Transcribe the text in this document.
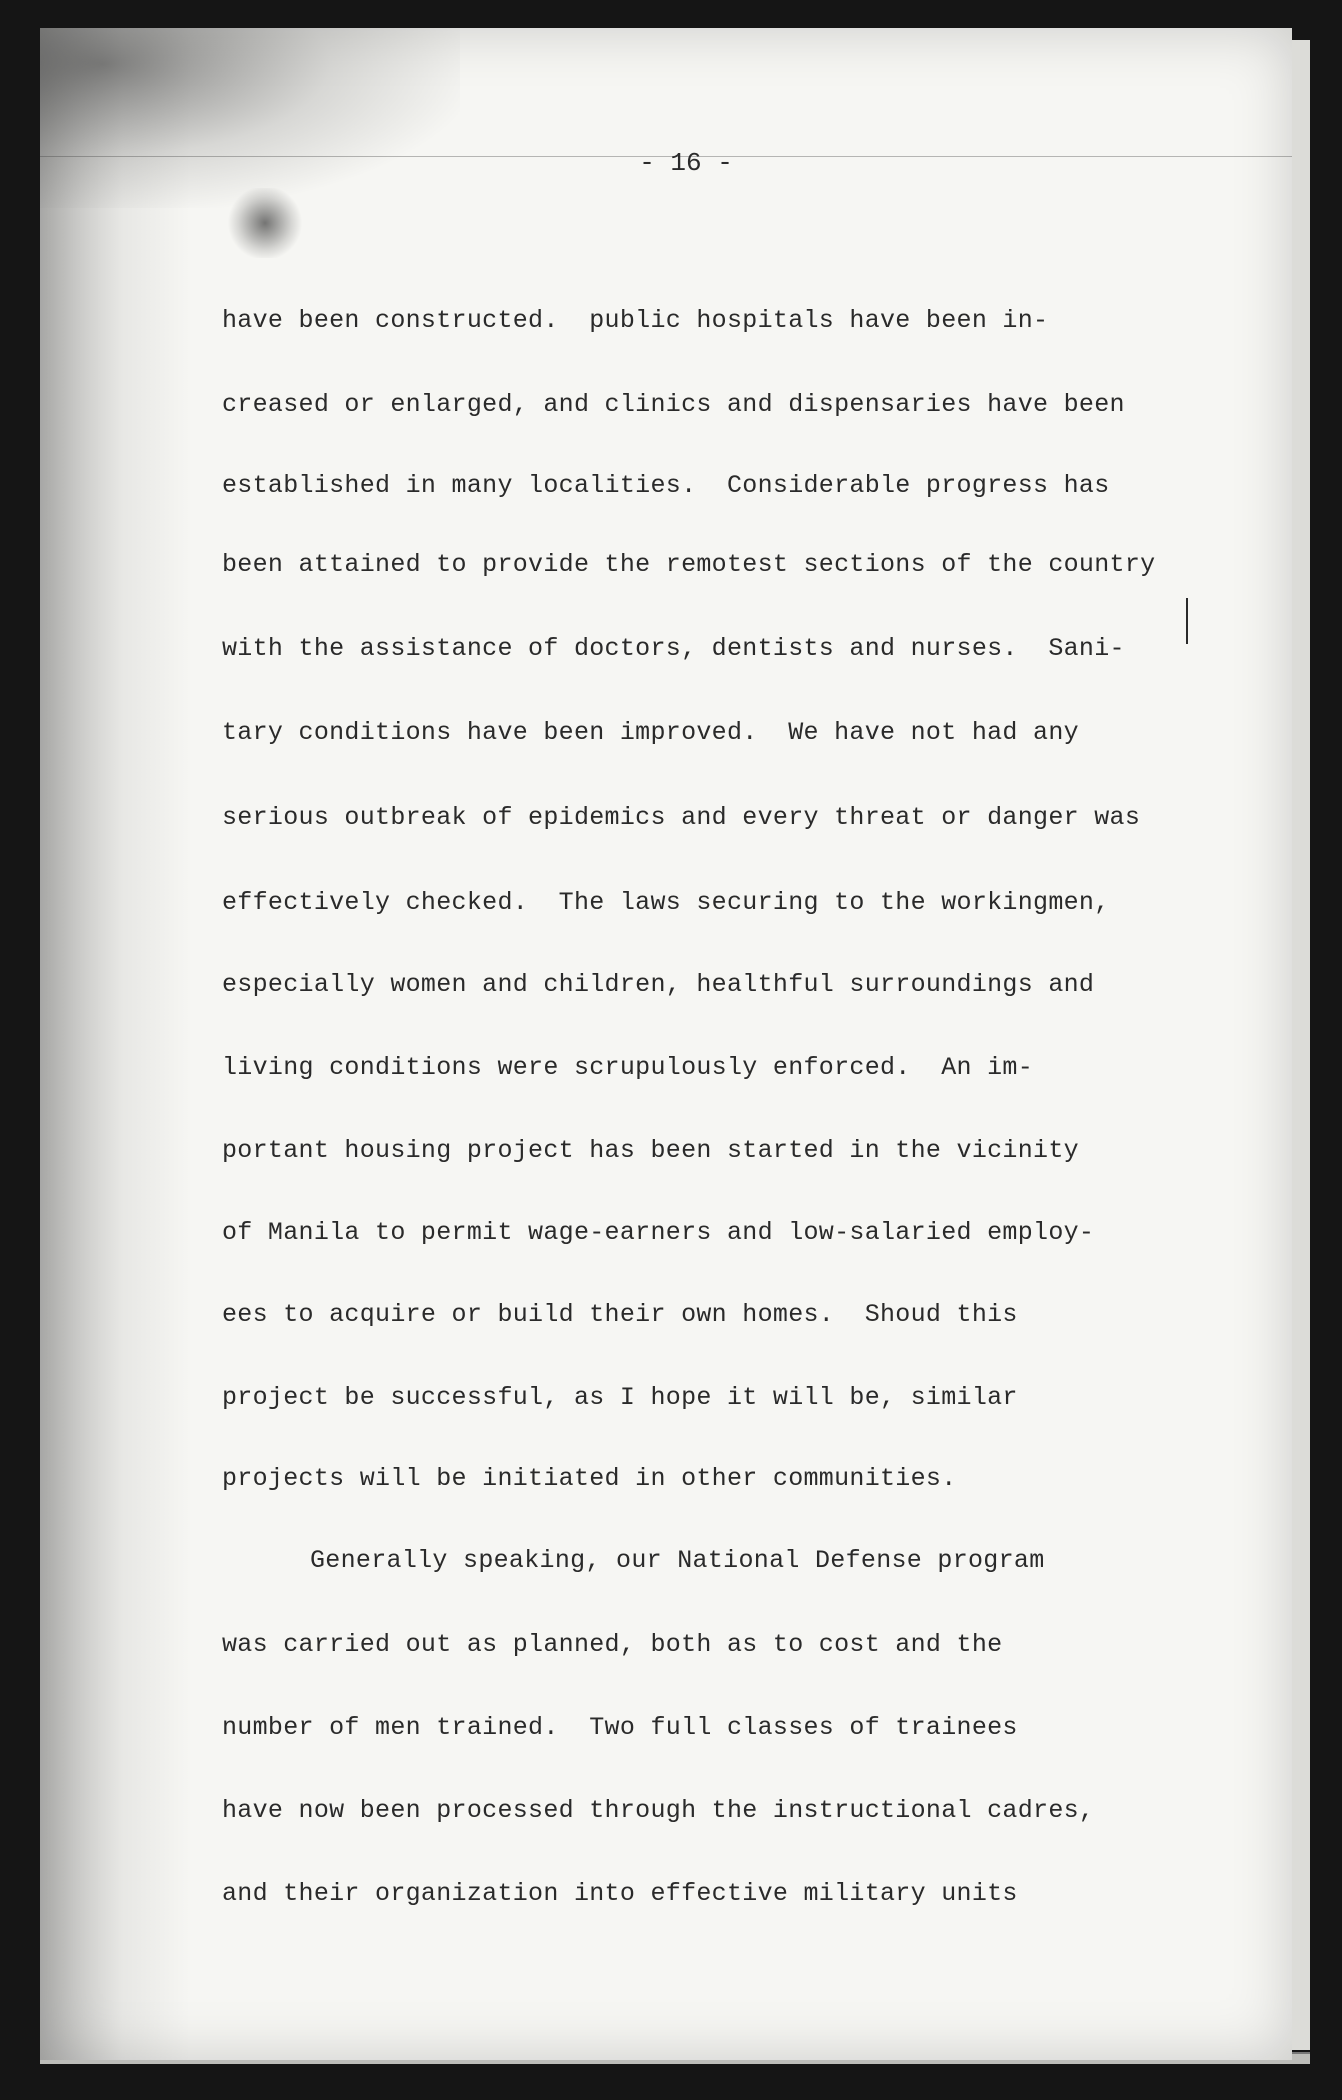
- 16 -
have been constructed.  public hospitals have been in-
creased or enlarged, and clinics and dispensaries have been
established in many localities.  Considerable progress has
been attained to provide the remotest sections of the country
with the assistance of doctors, dentists and nurses.  Sani-
tary conditions have been improved.  We have not had any
serious outbreak of epidemics and every threat or danger was
effectively checked.  The laws securing to the workingmen,
especially women and children, healthful surroundings and
living conditions were scrupulously enforced.  An im-
portant housing project has been started in the vicinity
of Manila to permit wage-earners and low-salaried employ-
ees to acquire or build their own homes.  Shoud this
project be successful, as I hope it will be, similar
projects will be initiated in other communities.
Generally speaking, our National Defense program
was carried out as planned, both as to cost and the
number of men trained.  Two full classes of trainees
have now been processed through the instructional cadres,
and their organization into effective military units
